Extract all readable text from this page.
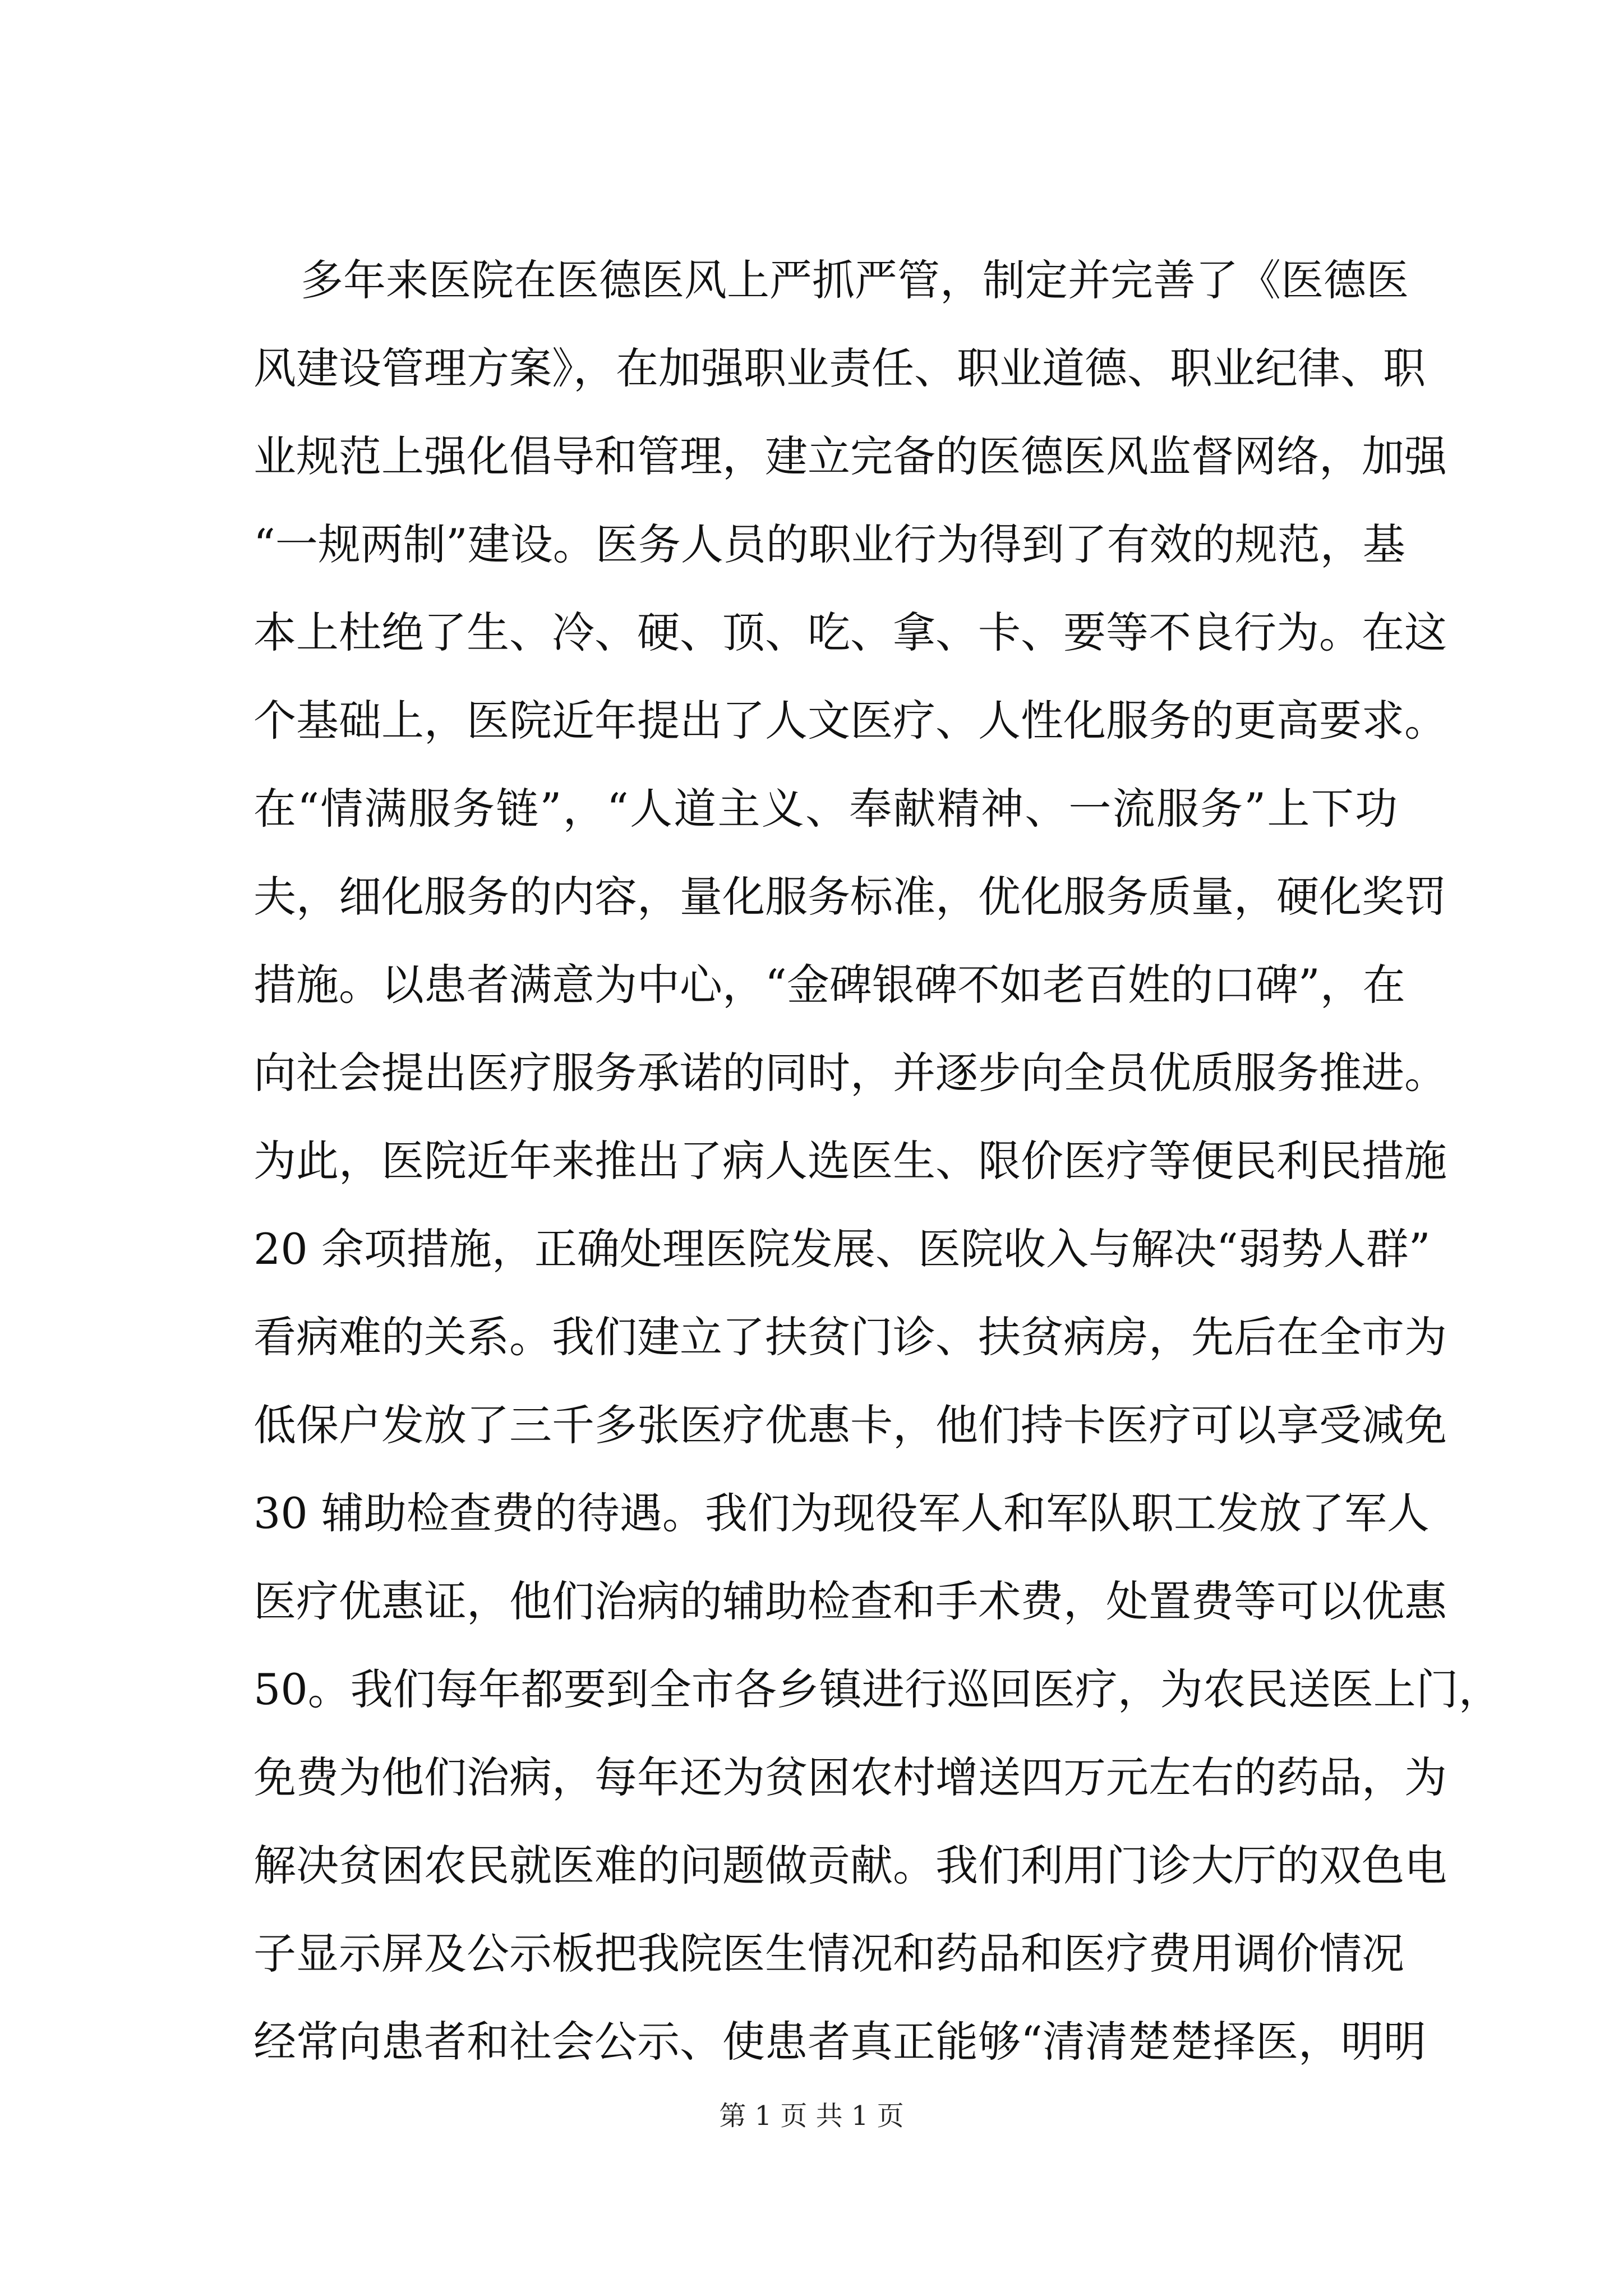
多年来医院在医德医风上严抓严管，制定并完善了《医德医
风建设管理方案》，在加强职业责任、职业道德、职业纪律、职
业规范上强化倡导和管理，建立完备的医德医风监督网络，加强
“一规两制”建设。医务人员的职业行为得到了有效的规范，基
本上杜绝了生、冷、硬、顶、吃、拿、卡、要等不良行为。在这
个基础上，医院近年提出了人文医疗、人性化服务的更高要求。
在“情满服务链”，“人道主义、奉献精神、一流服务”上下功
夫，细化服务的内容，量化服务标准，优化服务质量，硬化奖罚
措施。以患者满意为中心，“金碑银碑不如老百姓的口碑”，在
向社会提出医疗服务承诺的同时，并逐步向全员优质服务推进。
为此，医院近年来推出了病人选医生、限价医疗等便民利民措施
20 余项措施，正确处理医院发展、医院收入与解决“弱势人群”
看病难的关系。我们建立了扶贫门诊、扶贫病房，先后在全市为
低保户发放了三千多张医疗优惠卡，他们持卡医疗可以享受减免
30 辅助检查费的待遇。我们为现役军人和军队职工发放了军人
医疗优惠证，他们治病的辅助检查和手术费，处置费等可以优惠
50。我们每年都要到全市各乡镇进行巡回医疗，为农民送医上门，
免费为他们治病，每年还为贫困农村增送四万元左右的药品，为
解决贫困农民就医难的问题做贡献。我们利用门诊大厅的双色电
子显示屏及公示板把我院医生情况和药品和医疗费用调价情况
经常向患者和社会公示、使患者真正能够“清清楚楚择医，明明
第 1 页 共 1 页
